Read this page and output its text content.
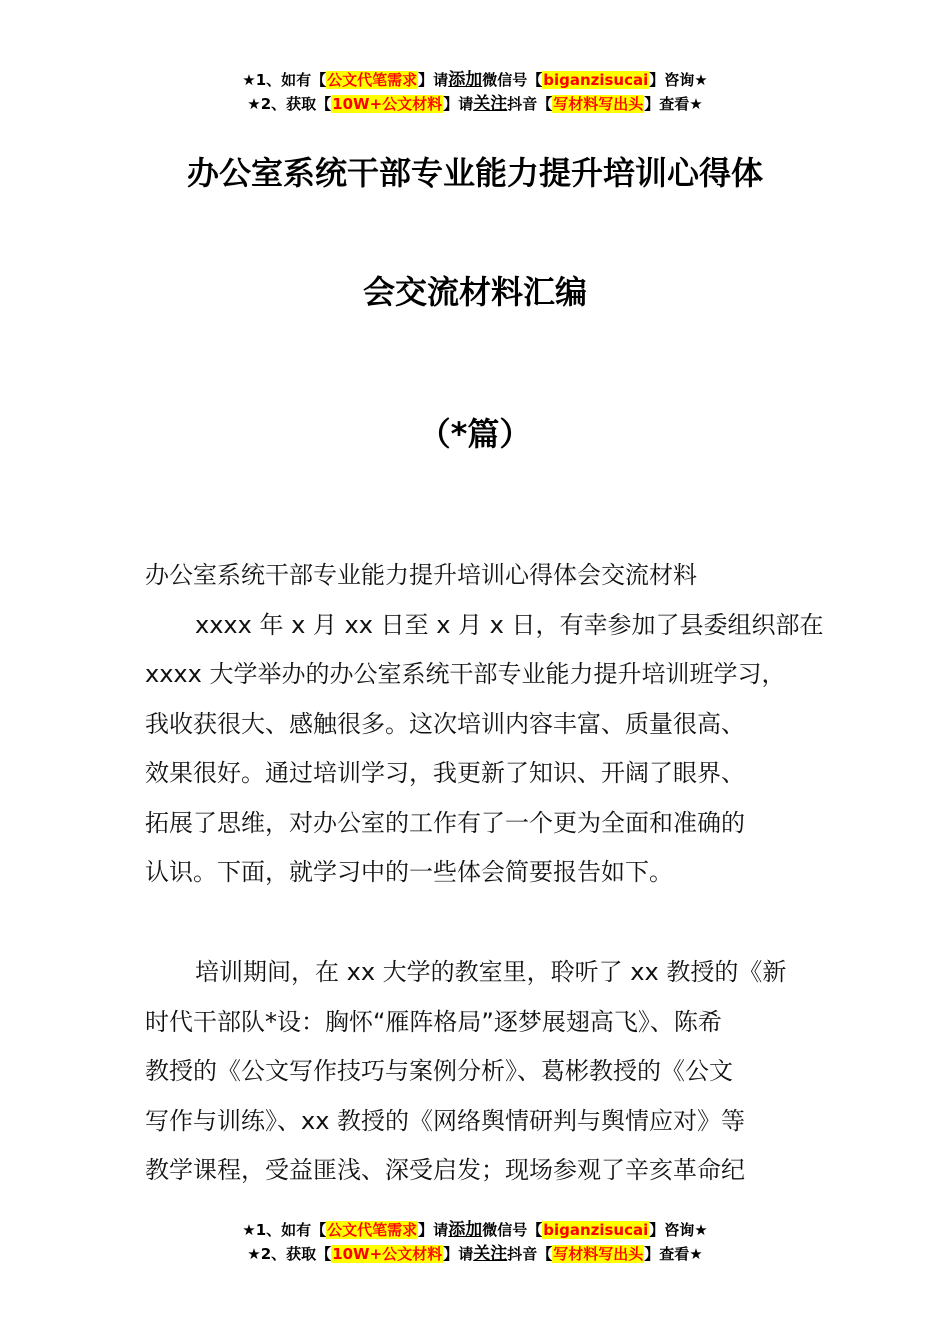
★1、如有【公文代笔需求】请添加微信号【biganzisucai】咨询★
★2、获取【10W+公文材料】请关注抖音【写材料写出头】查看★
办公室系统干部专业能力提升培训心得体
会交流材料汇编
（*篇）
办公室系统干部专业能力提升培训心得体会交流材料
xxxx 年 x 月 xx 日至 x 月 x 日，有幸参加了县委组织部在
xxxx 大学举办的办公室系统干部专业能力提升培训班学习，
我收获很大、感触很多。这次培训内容丰富、质量很高、
效果很好。通过培训学习，我更新了知识、开阔了眼界、
拓展了思维，对办公室的工作有了一个更为全面和准确的
认识。下面，就学习中的一些体会简要报告如下。
培训期间，在 xx 大学的教室里，聆听了 xx 教授的《新
时代干部队*设：胸怀“雁阵格局”逐梦展翅高飞》、陈希
教授的《公文写作技巧与案例分析》、葛彬教授的《公文
写作与训练》、xx 教授的《网络舆情研判与舆情应对》等
教学课程，受益匪浅、深受启发；现场参观了辛亥革命纪
★1、如有【公文代笔需求】请添加微信号【biganzisucai】咨询★
★2、获取【10W+公文材料】请关注抖音【写材料写出头】查看★
